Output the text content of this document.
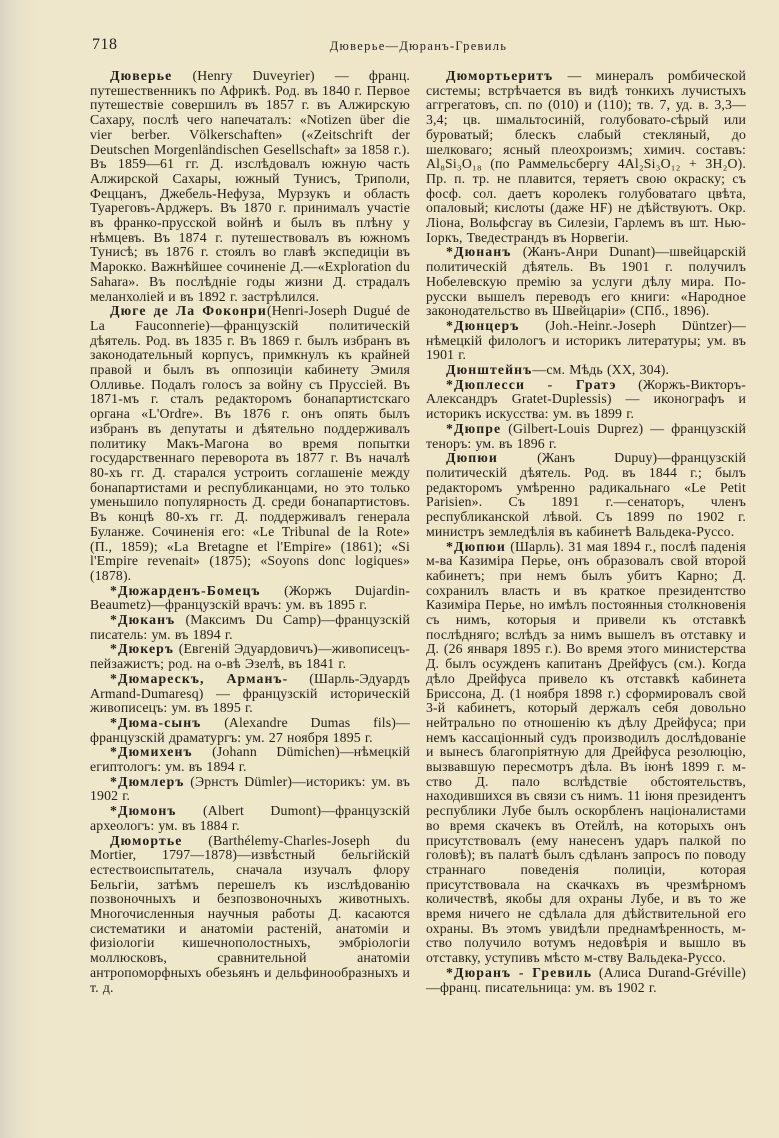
718	Дюверье—Дюранъ-Гревиль

Дюверье (Henry Duveyrier) — франц. путешественникъ по Африкѣ. Род. въ 1840 г. Первое путешествіе совершилъ въ 1857 г. въ Алжирскую Сахару, послѣ чего напечаталъ: «Notizen über die vier berber. Völkerschaften» («Zeitschrift der Deutschen Morgenländischen Gesellschaft» за 1858 г.). Въ 1859—61 гг. Д. изслѣдовалъ южную часть Алжирской Сахары, южный Тунисъ, Триполи, Феццанъ, Джебель-Нефуза, Мурзукъ и область Туареговъ-Арджеръ. Въ 1870 г. принималъ участіе въ франко-прусской войнѣ и былъ въ плѣну у нѣмцевъ. Въ 1874 г. путешествовалъ въ южномъ Тунисѣ; въ 1876 г. стоялъ во главѣ экспедиціи въ Марокко. Важнѣйшее сочиненіе Д.—«Exploration du Sahara». Въ послѣдніе годы жизни Д. страдалъ меланхоліей и въ 1892 г. застрѣлился.

Дюге де Ла Фоконри(Henri-Joseph Dugué de La Fauconnerie)—французскій политическій дѣятель. Род. въ 1835 г. Въ 1869 г. былъ избранъ въ законодательный корпусъ, примкнулъ къ крайней правой и былъ въ оппозиціи кабинету Эмиля Олливье. Подалъ голосъ за войну съ Пруссіей. Въ 1871-мъ г. сталъ редакторомъ бонапартистскаго органа «L'Ordre». Въ 1876 г. онъ опять былъ избранъ въ депутаты и дѣятельно поддерживалъ политику Макъ-Магона во время попытки государственнаго переворота въ 1877 г. Въ началѣ 80-хъ гг. Д. старался устроить соглашеніе между бонапартистами и республиканцами, но это только уменьшило популярность Д. среди бонапартистовъ. Въ концѣ 80-хъ гг. Д. поддерживалъ генерала Буланже. Сочиненія его: «Le Tribunal de la Rote» (П., 1859); «La Bretagne et l'Empire» (1861); «Si l'Empire revenait» (1875); «Soyons donc logiques» (1878).

*Дюжарденъ-Бомецъ (Жоржъ Dujardin-Beaumetz)—французскій врачъ: ум. въ 1895 г.

*Дюканъ (Максимъ Du Camp)—французскій писатель: ум. въ 1894 г.

*Дюкеръ (Евгеній Эдуардовичъ)—живописецъ-пейзажистъ; род. на о-вѣ Эзелѣ, въ 1841 г.

*Дюмарескъ, Арманъ- (Шарль-Эдуардъ Armand-Dumaresq) — французскій историческій живописецъ: ум. въ 1895 г.

*Дюма-сынъ (Alexandre Dumas fils)—французскій драматургъ: ум. 27 ноября 1895 г.

*Дюмихенъ (Johann Dümichen)—нѣмецкій египтологъ: ум. въ 1894 г.

*Дюмлеръ (Эрнстъ Dümler)—историкъ: ум. въ 1902 г.

*Дюмонъ (Albert Dumont)—французскій археологъ: ум. въ 1884 г.

Дюмортье (Barthélemy-Charles-Joseph du Mortier, 1797—1878)—извѣстный бельгійскій естествоиспытатель, сначала изучалъ флору Бельгіи, затѣмъ перешелъ къ изслѣдованію позвоночныхъ и безпозвоночныхъ животныхъ. Многочисленныя научныя работы Д. касаются систематики и анатоміи растеній, анатоміи и физіологіи кишечнополостныхъ, эмбріологіи моллюсковъ, сравнительной анатоміи антропоморфныхъ обезьянъ и дельфинообразныхъ и т. д.

Дюмортьеритъ — минералъ ромбической системы; встрѣчается въ видѣ тонкихъ лучистыхъ аггрегатовъ, сп. по (010) и (110); тв. 7, уд. в. 3,3—3,4; цв. шмальтосиній, голубовато-сѣрый или буроватый; блескъ слабый стекляный, до шелковаго; ясный плеохроизмъ; химич. составъ: Al₈Si₃O₁₈ (по Раммельсбергу 4Al₂Si₃O₁₂ + 3H₂O). Пр. п. тр. не плавится, теряетъ свою окраску; съ фосф. сол. даетъ королекъ голубоватаго цвѣта, опаловый; кислоты (даже HF) не дѣйствуютъ. Окр. Ліона, Вольфсгау въ Силезіи, Гарлемъ въ шт. Нью-Іоркъ, Тведестрандъ въ Норвегіи.

*Дюнанъ (Жанъ-Анри Dunant)—швейцарскій политическій дѣятель. Въ 1901 г. получилъ Нобелевскую премію за услуги дѣлу мира. По-русски вышелъ переводъ его книги: «Народное законодательство въ Швейцаріи» (СПб., 1896).

*Дюнцеръ (Joh.-Heinr.-Joseph Düntzer)—нѣмецкій филологъ и историкъ литературы; ум. въ 1901 г.

Дюнштейнъ—см. Мѣдь (XX, 304).

*Дюплесси - Гратэ (Жоржъ-Викторъ-Александръ Gratet-Duplessis) — иконографъ и историкъ искусства: ум. въ 1899 г.

*Дюпре (Gilbert-Louis Duprez) — французскій теноръ: ум. въ 1896 г.

Дюпюи (Жанъ Dupuy)—французскій политическій дѣятель. Род. въ 1844 г.; былъ редакторомъ умѣренно радикальнаго «Le Petit Parisien». Съ 1891 г.—сенаторъ, членъ республиканской лѣвой. Съ 1899 по 1902 г. министръ земледѣлія въ кабинетѣ Вальдека-Руссо.

*Дюпюи (Шарль). 31 мая 1894 г., послѣ паденія м-ва Казиміра Перье, онъ образовалъ свой второй кабинетъ; при немъ былъ убитъ Карно; Д. сохранилъ власть и въ краткое президентство Казиміра Перье, но имѣлъ постоянныя столкновенія съ нимъ, которыя и привели къ отставкѣ послѣдняго; вслѣдъ за нимъ вышелъ въ отставку и Д. (26 января 1895 г.). Во время этого министерства Д. былъ осужденъ капитанъ Дрейфусъ (см.). Когда дѣло Дрейфуса привело къ отставкѣ кабинета Бриссона, Д. (1 ноября 1898 г.) сформировалъ свой 3-й кабинетъ, который держалъ себя довольно нейтрально по отношенію къ дѣлу Дрейфуса; при немъ кассаціонный судъ производилъ дослѣдованіе и вынесъ благопріятную для Дрейфуса резолюцію, вызвавшую пересмотръ дѣла. Въ іюнѣ 1899 г. м-ство Д. пало вслѣдствіе обстоятельствъ, находившихся въ связи съ нимъ. 11 іюня президентъ республики Лубе былъ оскорбленъ націоналистами во время скачекъ въ Отейлѣ, на которыхъ онъ присутствовалъ (ему нанесенъ ударъ палкой по головѣ); въ палатѣ былъ сдѣланъ запросъ по поводу страннаго поведенія полиціи, которая присутствовала на скачкахъ въ чрезмѣрномъ количествѣ, якобы для охраны Лубе, и въ то же время ничего не сдѣлала для дѣйствительной его охраны. Въ этомъ увидѣли преднамѣренность, м-ство получило вотумъ недовѣрія и вышло въ отставку, уступивъ мѣсто м-ству Вальдека-Руссо.

*Дюранъ - Гревиль (Алиса Durand-Gréville)—франц. писательница: ум. въ 1902 г.
